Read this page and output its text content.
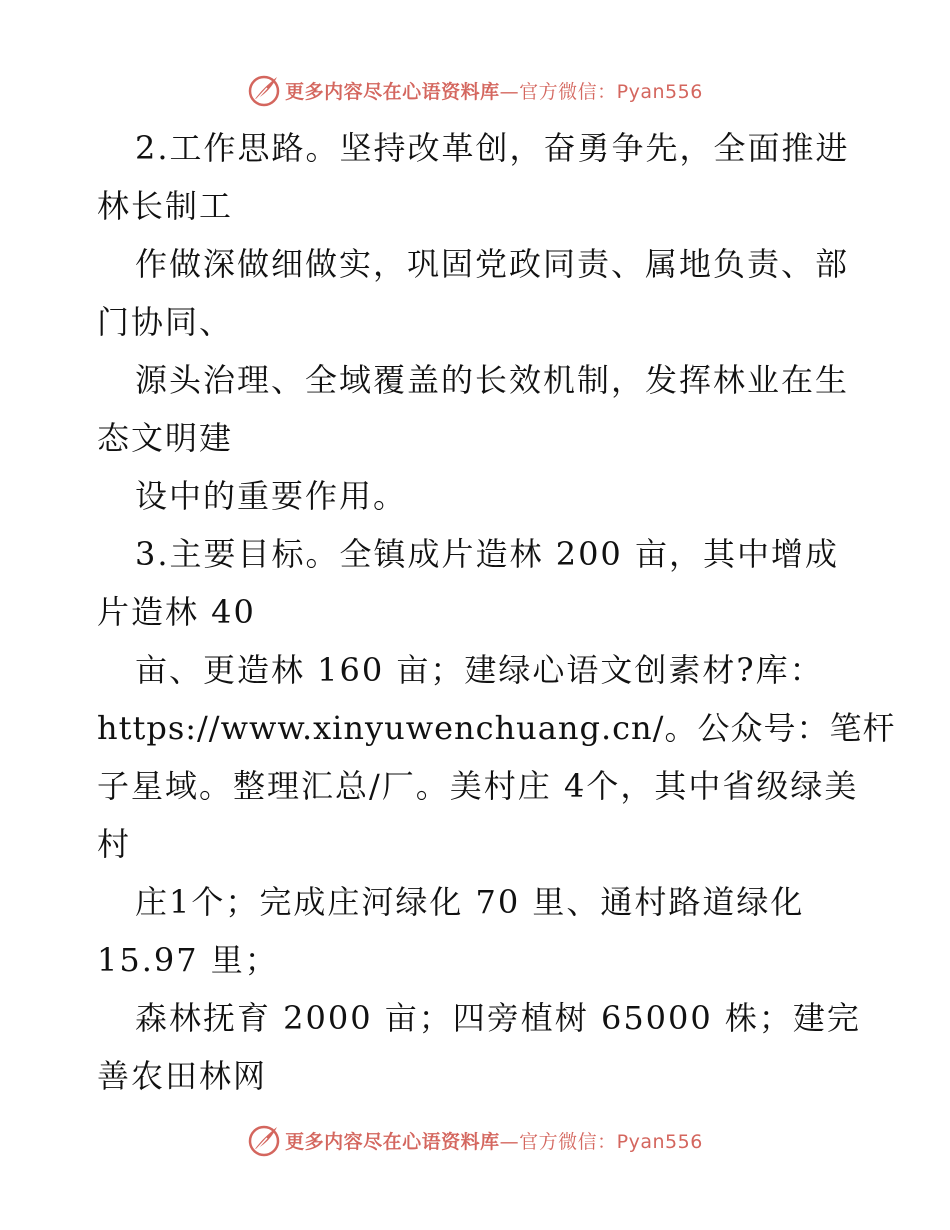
更多内容尽在心语资料库—官方微信：Pyan556
2.工作思路。坚持改革创，奋勇争先，全面推进
林长制工
作做深做细做实，巩固党政同责、属地负责、部
门协同、
源头治理、全域覆盖的长效机制，发挥林业在生
态文明建
设中的重要作用。
3.主要目标。全镇成片造林 200 亩，其中增成
片造林 40
亩、更造林 160 亩；建绿心语文创素材?库：
https://www.xinyuwenchuang.cn/。公众号：笔杆
子星域。整理汇总/厂。美村庄 4个，其中省级绿美
村
庄1个；完成庄河绿化 70 里、通村路道绿化
15.97 里；
森林抚育 2000 亩；四旁植树 65000 株；建完
善农田林网
更多内容尽在心语资料库—官方微信：Pyan556
